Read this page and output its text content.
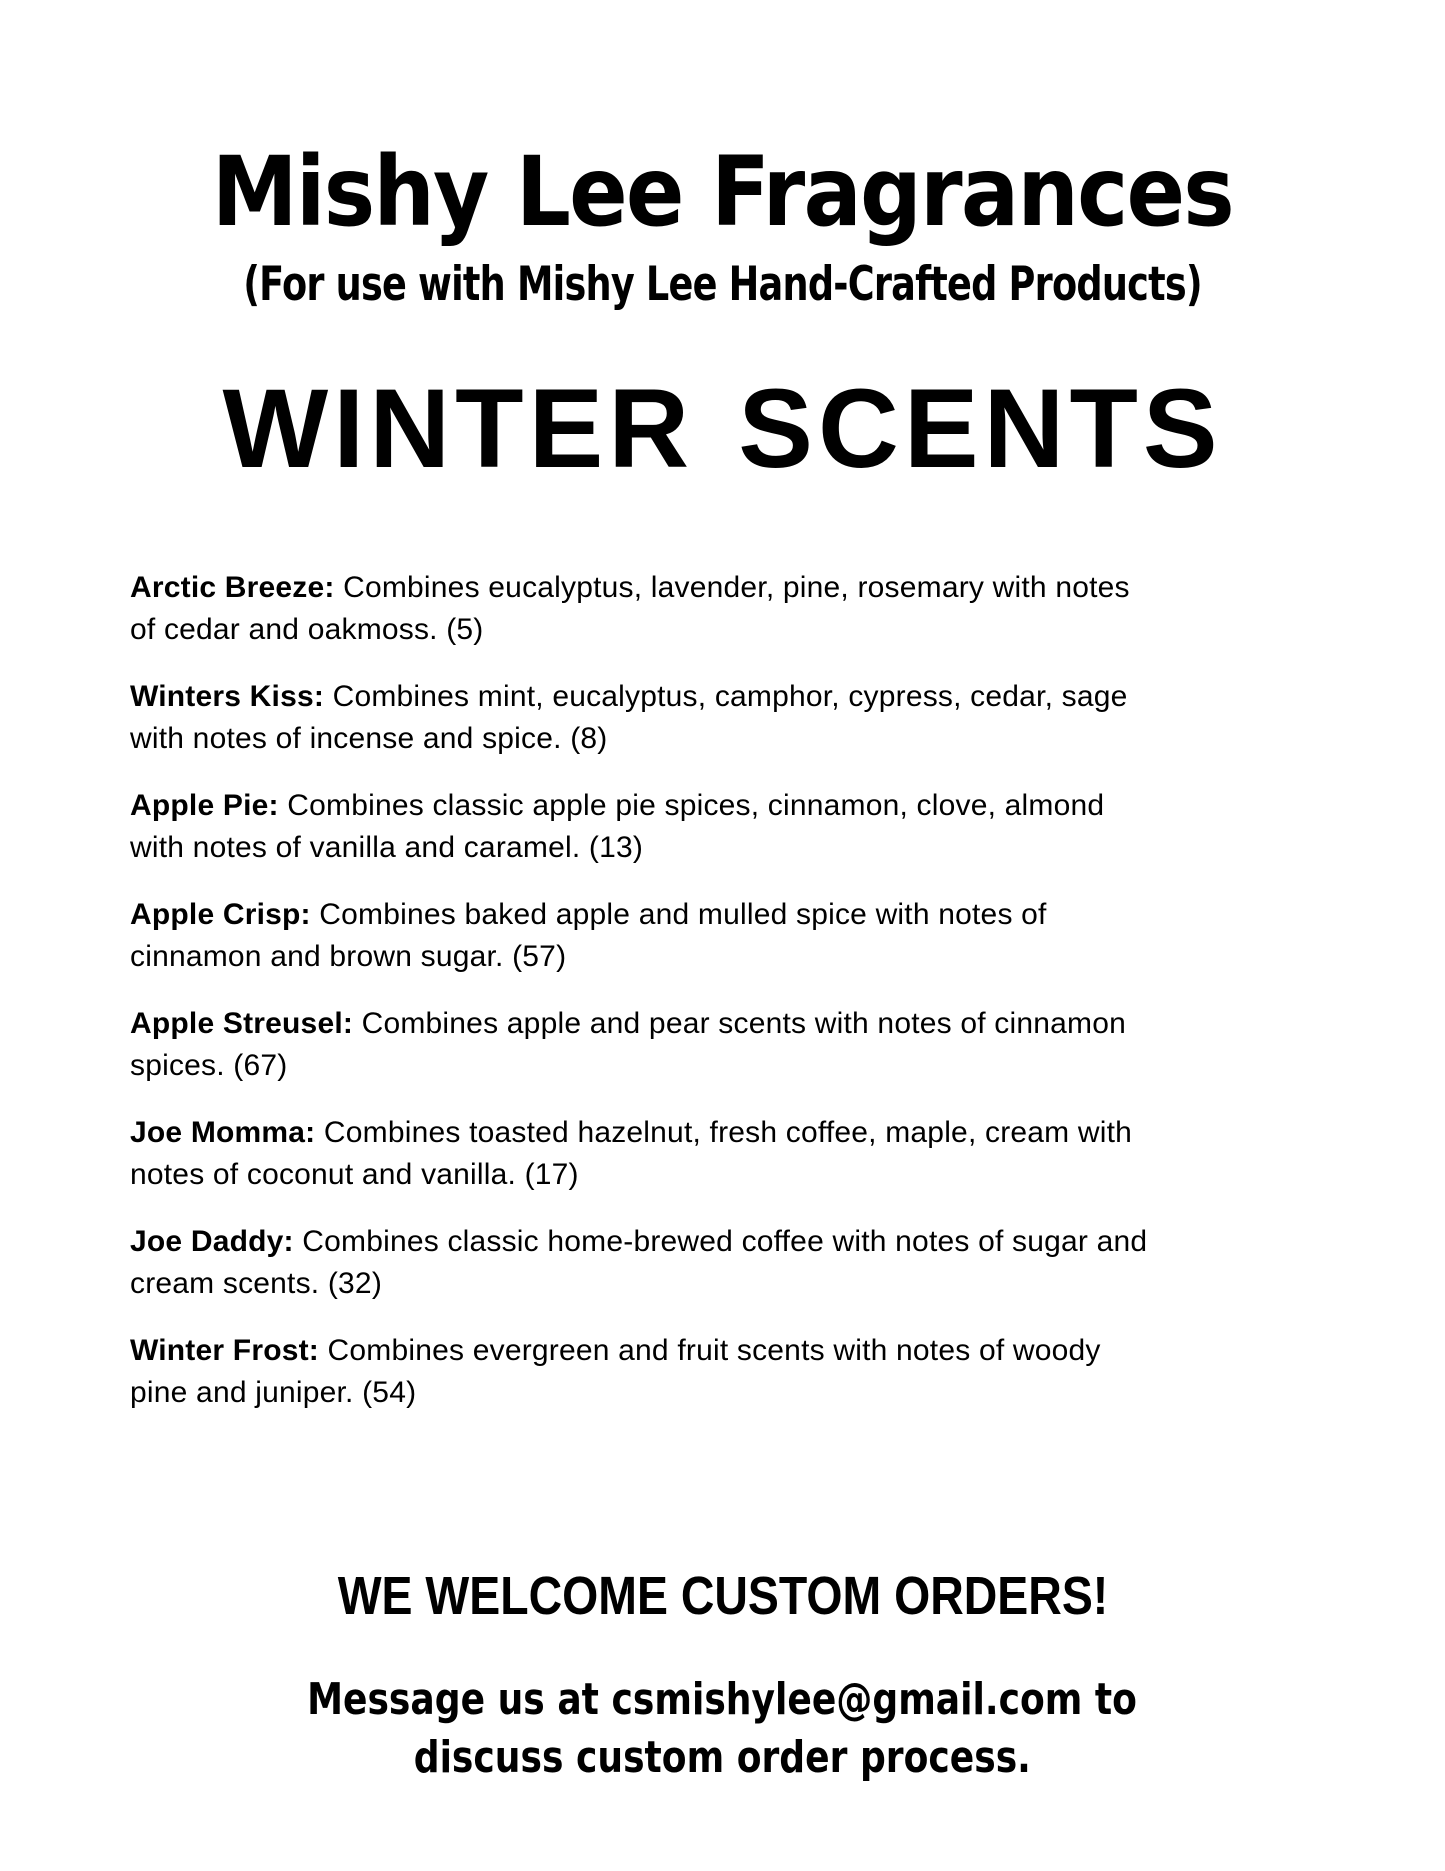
Mishy Lee Fragrances
(For use with Mishy Lee Hand-Crafted Products)
WINTER SCENTS
Arctic Breeze: Combines eucalyptus, lavender, pine, rosemary with notes
of cedar and oakmoss. (5)
Winters Kiss: Combines mint, eucalyptus, camphor, cypress, cedar, sage
with notes of incense and spice. (8)
Apple Pie: Combines classic apple pie spices, cinnamon, clove, almond
with notes of vanilla and caramel. (13)
Apple Crisp: Combines baked apple and mulled spice with notes of
cinnamon and brown sugar. (57)
Apple Streusel: Combines apple and pear scents with notes of cinnamon
spices. (67)
Joe Momma: Combines toasted hazelnut, fresh coffee, maple, cream with
notes of coconut and vanilla. (17)
Joe Daddy: Combines classic home-brewed coffee with notes of sugar and
cream scents. (32)
Winter Frost: Combines evergreen and fruit scents with notes of woody
pine and juniper. (54)
WE WELCOME CUSTOM ORDERS!
Message us at csmishylee@gmail.com to
discuss custom order process.
